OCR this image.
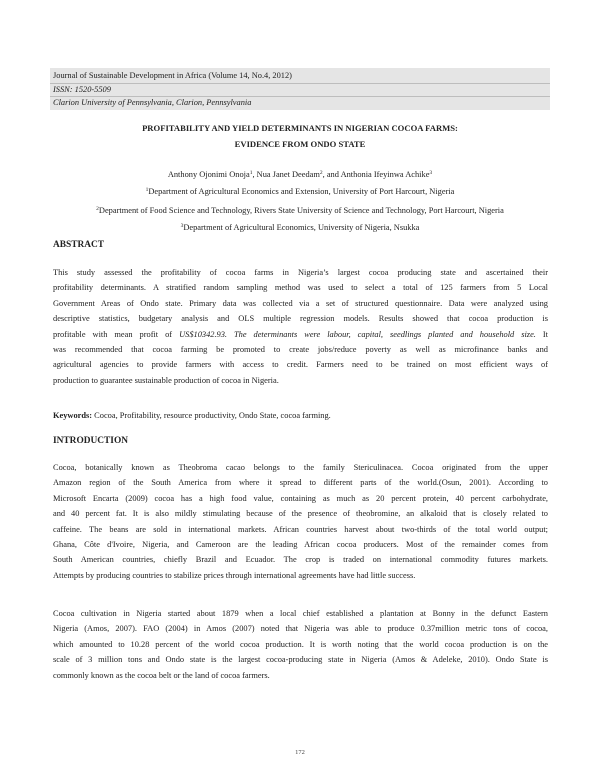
Journal of Sustainable Development in Africa (Volume 14, No.4, 2012)
ISSN: 1520-5509
Clarion University of Pennsylvania, Clarion, Pennsylvania
PROFITABILITY AND YIELD DETERMINANTS IN NIGERIAN COCOA FARMS:
EVIDENCE FROM ONDO STATE
Anthony Ojonimi Onoja$^1$, Nua Janet Deedam$^2$, and Anthonia Ifeyinwa Achike$^3$
$^1$Department of Agricultural Economics and Extension, University of Port Harcourt, Nigeria
$^2$Department of Food Science and Technology, Rivers State University of Science and Technology, Port Harcourt, Nigeria
$^3$Department of Agricultural Economics, University of Nigeria, Nsukka
ABSTRACT
This study assessed the profitability of cocoa farms in Nigeria’s largest cocoa producing state and ascertained their
profitability determinants. A stratified random sampling method was used to select a total of 125 farmers from 5 Local
Government Areas of Ondo state. Primary data was collected via a set of structured questionnaire. Data were analyzed using
descriptive statistics, budgetary analysis and OLS multiple regression models. Results showed that cocoa production is
profitable with mean profit of US$10342.93. The determinants were labour, capital, seedlings planted and household size. It
was recommended that cocoa farming be promoted to create jobs/reduce poverty as well as microfinance banks and
agricultural agencies to provide farmers with access to credit. Farmers need to be trained on most efficient ways of
production to guarantee sustainable production of cocoa in Nigeria.
Keywords: Cocoa, Profitability, resource productivity, Ondo State, cocoa farming.
INTRODUCTION
Cocoa, botanically known as Theobroma cacao belongs to the family Stericulinacea. Cocoa originated from the upper
Amazon region of the South America from where it spread to different parts of the world.(Osun, 2001). According to
Microsoft Encarta (2009) cocoa has a high food value, containing as much as 20 percent protein, 40 percent carbohydrate,
and 40 percent fat. It is also mildly stimulating because of the presence of theobromine, an alkaloid that is closely related to
caffeine. The beans are sold in international markets. African countries harvest about two-thirds of the total world output;
Ghana, Côte d'Ivoire, Nigeria, and Cameroon are the leading African cocoa producers. Most of the remainder comes from
South American countries, chiefly Brazil and Ecuador. The crop is traded on international commodity futures markets.
Attempts by producing countries to stabilize prices through international agreements have had little success.
Cocoa cultivation in Nigeria started about 1879 when a local chief established a plantation at Bonny in the defunct Eastern
Nigeria (Amos, 2007). FAO (2004) in Amos (2007) noted that Nigeria was able to produce 0.37million metric tons of cocoa,
which amounted to 10.28 percent of the world cocoa production. It is worth noting that the world cocoa production is on the
scale of 3 million tons and Ondo state is the largest cocoa-producing state in Nigeria (Amos & Adeleke, 2010). Ondo State is
commonly known as the cocoa belt or the land of cocoa farmers.
172
